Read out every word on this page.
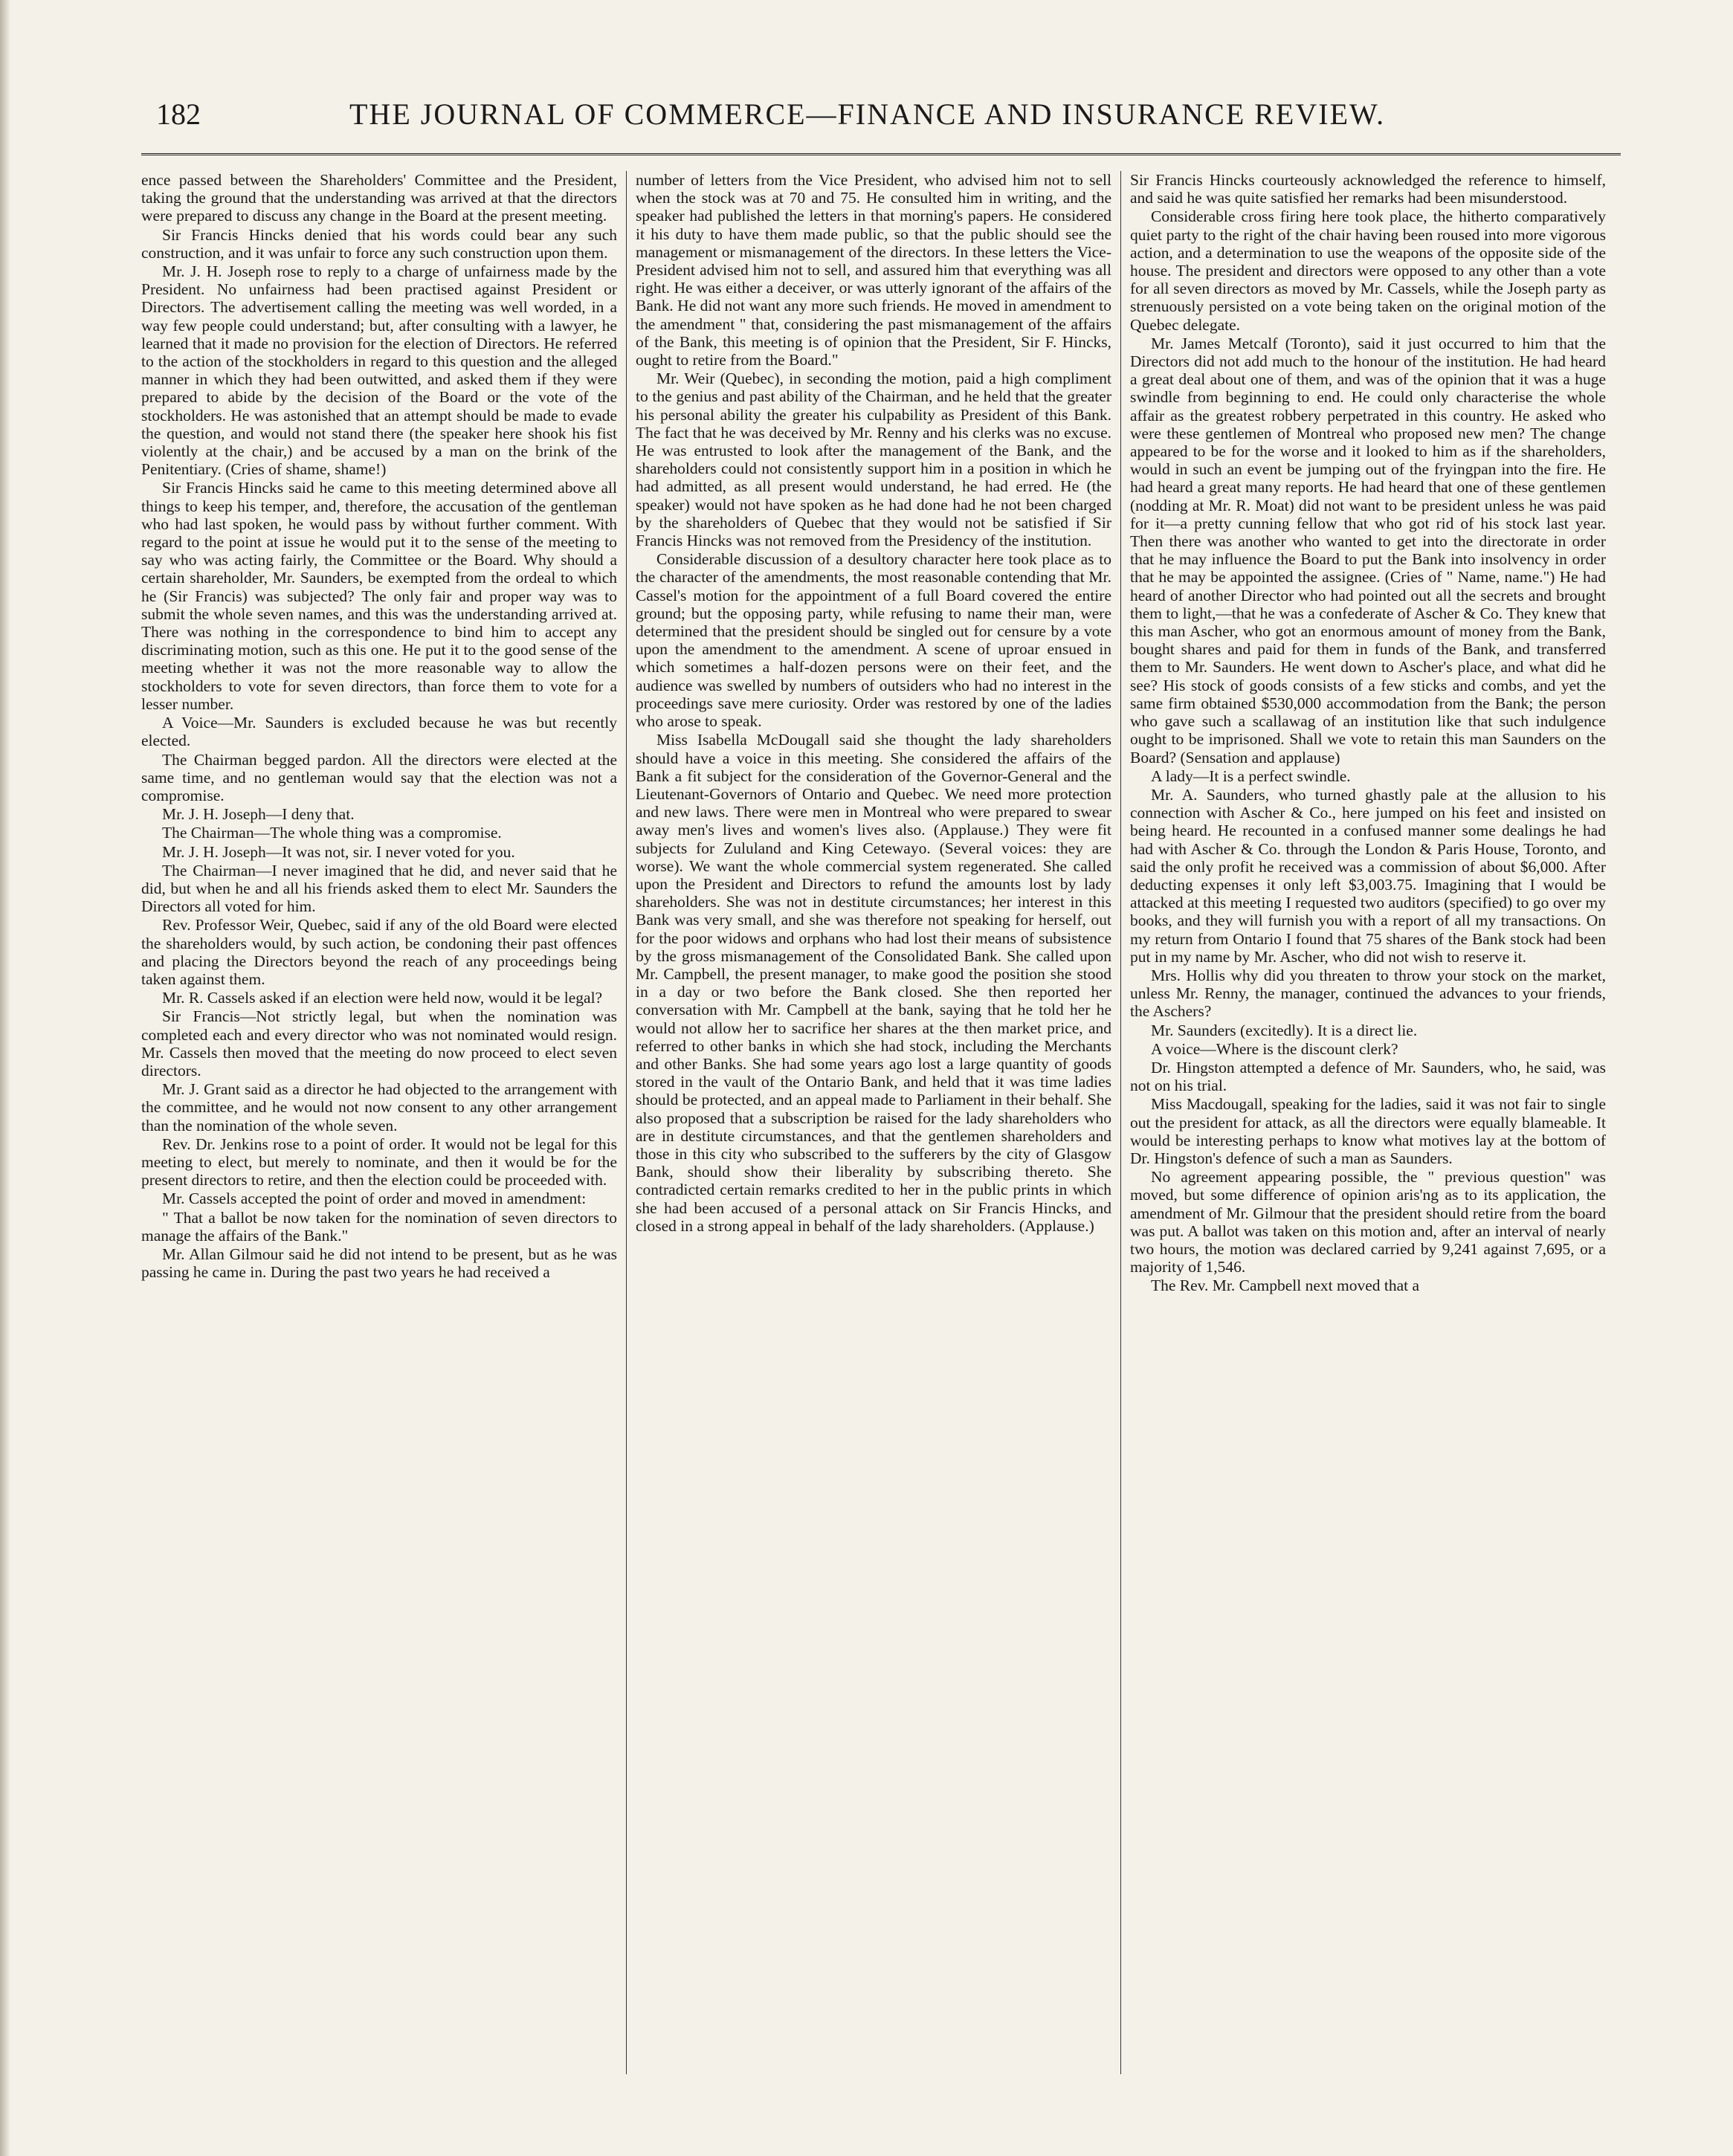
182	THE JOURNAL OF COMMERCE—FINANCE AND INSURANCE REVIEW.

ence passed between the Shareholders' Committee and the President, taking the ground that the understanding was arrived at that the directors were prepared to discuss any change in the Board at the present meeting.

Sir Francis Hincks denied that his words could bear any such construction, and it was unfair to force any such construction upon them.

Mr. J. H. Joseph rose to reply to a charge of unfairness made by the President. No unfairness had been practised against President or Directors. The advertisement calling the meeting was well worded, in a way few people could understand; but, after consulting with a lawyer, he learned that it made no provision for the election of Directors. He referred to the action of the stockholders in regard to this question and the alleged manner in which they had been outwitted, and asked them if they were prepared to abide by the decision of the Board or the vote of the stockholders. He was astonished that an attempt should be made to evade the question, and would not stand there (the speaker here shook his fist violently at the chair,) and be accused by a man on the brink of the Penitentiary. (Cries of shame, shame!)

Sir Francis Hincks said he came to this meeting determined above all things to keep his temper, and, therefore, the accusation of the gentleman who had last spoken, he would pass by without further comment. With regard to the point at issue he would put it to the sense of the meeting to say who was acting fairly, the Committee or the Board. Why should a certain shareholder, Mr. Saunders, be exempted from the ordeal to which he (Sir Francis) was subjected? The only fair and proper way was to submit the whole seven names, and this was the understanding arrived at. There was nothing in the correspondence to bind him to accept any discriminating motion, such as this one. He put it to the good sense of the meeting whether it was not the more reasonable way to allow the stockholders to vote for seven directors, than force them to vote for a lesser number.

A Voice—Mr. Saunders is excluded because he was but recently elected.

The Chairman begged pardon. All the directors were elected at the same time, and no gentleman would say that the election was not a compromise.

Mr. J. H. Joseph—I deny that.

The Chairman—The whole thing was a compromise.

Mr. J. H. Joseph—It was not, sir. I never voted for you.

The Chairman—I never imagined that he did, and never said that he did, but when he and all his friends asked them to elect Mr. Saunders the Directors all voted for him.

Rev. Professor Weir, Quebec, said if any of the old Board were elected the shareholders would, by such action, be condoning their past offences and placing the Directors beyond the reach of any proceedings being taken against them.

Mr. R. Cassels asked if an election were held now, would it be legal?

Sir Francis—Not strictly legal, but when the nomination was completed each and every director who was not nominated would resign. Mr. Cassels then moved that the meeting do now proceed to elect seven directors.

Mr. J. Grant said as a director he had objected to the arrangement with the committee, and he would not now consent to any other arrangement than the nomination of the whole seven.

Rev. Dr. Jenkins rose to a point of order. It would not be legal for this meeting to elect, but merely to nominate, and then it would be for the present directors to retire, and then the election could be proceeded with.

Mr. Cassels accepted the point of order and moved in amendment:

" That a ballot be now taken for the nomination of seven directors to manage the affairs of the Bank."

Mr. Allan Gilmour said he did not intend to be present, but as he was passing he came in. During the past two years he had received a

number of letters from the Vice President, who advised him not to sell when the stock was at 70 and 75. He consulted him in writing, and the speaker had published the letters in that morning's papers. He considered it his duty to have them made public, so that the public should see the management or mismanagement of the directors. In these letters the Vice-President advised him not to sell, and assured him that everything was all right. He was either a deceiver, or was utterly ignorant of the affairs of the Bank. He did not want any more such friends. He moved in amendment to the amendment " that, considering the past mismanagement of the affairs of the Bank, this meeting is of opinion that the President, Sir F. Hincks, ought to retire from the Board."

Mr. Weir (Quebec), in seconding the motion, paid a high compliment to the genius and past ability of the Chairman, and he held that the greater his personal ability the greater his culpability as President of this Bank. The fact that he was deceived by Mr. Renny and his clerks was no excuse. He was entrusted to look after the management of the Bank, and the shareholders could not consistently support him in a position in which he had admitted, as all present would understand, he had erred. He (the speaker) would not have spoken as he had done had he not been charged by the shareholders of Quebec that they would not be satisfied if Sir Francis Hincks was not removed from the Presidency of the institution.

Considerable discussion of a desultory character here took place as to the character of the amendments, the most reasonable contending that Mr. Cassel's motion for the appointment of a full Board covered the entire ground; but the opposing party, while refusing to name their man, were determined that the president should be singled out for censure by a vote upon the amendment to the amendment. A scene of uproar ensued in which sometimes a half-dozen persons were on their feet, and the audience was swelled by numbers of outsiders who had no interest in the proceedings save mere curiosity. Order was restored by one of the ladies who arose to speak.

Miss Isabella McDougall said she thought the lady shareholders should have a voice in this meeting. She considered the affairs of the Bank a fit subject for the consideration of the Governor-General and the Lieutenant-Governors of Ontario and Quebec. We need more protection and new laws. There were men in Montreal who were prepared to swear away men's lives and women's lives also. (Applause.) They were fit subjects for Zululand and King Cetewayo. (Several voices: they are worse). We want the whole commercial system regenerated. She called upon the President and Directors to refund the amounts lost by lady shareholders. She was not in destitute circumstances; her interest in this Bank was very small, and she was therefore not speaking for herself, out for the poor widows and orphans who had lost their means of subsistence by the gross mismanagement of the Consolidated Bank. She called upon Mr. Campbell, the present manager, to make good the position she stood in a day or two before the Bank closed. She then reported her conversation with Mr. Campbell at the bank, saying that he told her he would not allow her to sacrifice her shares at the then market price, and referred to other banks in which she had stock, including the Merchants and other Banks. She had some years ago lost a large quantity of goods stored in the vault of the Ontario Bank, and held that it was time ladies should be protected, and an appeal made to Parliament in their behalf. She also proposed that a subscription be raised for the lady shareholders who are in destitute circumstances, and that the gentlemen shareholders and those in this city who subscribed to the sufferers by the city of Glasgow Bank, should show their liberality by subscribing thereto. She contradicted certain remarks credited to her in the public prints in which she had been accused of a personal attack on Sir Francis Hincks, and closed in a strong appeal in behalf of the lady shareholders. (Applause.)

Sir Francis Hincks courteously acknowledged the reference to himself, and said he was quite satisfied her remarks had been misunderstood.

Considerable cross firing here took place, the hitherto comparatively quiet party to the right of the chair having been roused into more vigorous action, and a determination to use the weapons of the opposite side of the house. The president and directors were opposed to any other than a vote for all seven directors as moved by Mr. Cassels, while the Joseph party as strenuously persisted on a vote being taken on the original motion of the Quebec delegate.

Mr. James Metcalf (Toronto), said it just occurred to him that the Directors did not add much to the honour of the institution. He had heard a great deal about one of them, and was of the opinion that it was a huge swindle from beginning to end. He could only characterise the whole affair as the greatest robbery perpetrated in this country. He asked who were these gentlemen of Montreal who proposed new men? The change appeared to be for the worse and it looked to him as if the shareholders, would in such an event be jumping out of the fryingpan into the fire. He had heard a great many reports. He had heard that one of these gentlemen (nodding at Mr. R. Moat) did not want to be president unless he was paid for it—a pretty cunning fellow that who got rid of his stock last year. Then there was another who wanted to get into the directorate in order that he may influence the Board to put the Bank into insolvency in order that he may be appointed the assignee. (Cries of " Name, name.") He had heard of another Director who had pointed out all the secrets and brought them to light,—that he was a confederate of Ascher & Co. They knew that this man Ascher, who got an enormous amount of money from the Bank, bought shares and paid for them in funds of the Bank, and transferred them to Mr. Saunders. He went down to Ascher's place, and what did he see? His stock of goods consists of a few sticks and combs, and yet the same firm obtained $530,000 accommodation from the Bank; the person who gave such a scallawag of an institution like that such indulgence ought to be imprisoned. Shall we vote to retain this man Saunders on the Board? (Sensation and applause)

A lady—It is a perfect swindle.

Mr. A. Saunders, who turned ghastly pale at the allusion to his connection with Ascher & Co., here jumped on his feet and insisted on being heard. He recounted in a confused manner some dealings he had had with Ascher & Co. through the London & Paris House, Toronto, and said the only profit he received was a commission of about $6,000. After deducting expenses it only left $3,003.75. Imagining that I would be attacked at this meeting I requested two auditors (specified) to go over my books, and they will furnish you with a report of all my transactions. On my return from Ontario I found that 75 shares of the Bank stock had been put in my name by Mr. Ascher, who did not wish to reserve it.

Mrs. Hollis why did you threaten to throw your stock on the market, unless Mr. Renny, the manager, continued the advances to your friends, the Aschers?

Mr. Saunders (excitedly). It is a direct lie.

A voice—Where is the discount clerk?

Dr. Hingston attempted a defence of Mr. Saunders, who, he said, was not on his trial.

Miss Macdougall, speaking for the ladies, said it was not fair to single out the president for attack, as all the directors were equally blameable. It would be interesting perhaps to know what motives lay at the bottom of Dr. Hingston's defence of such a man as Saunders.

No agreement appearing possible, the " previous question" was moved, but some difference of opinion aris'ng as to its application, the amendment of Mr. Gilmour that the president should retire from the board was put. A ballot was taken on this motion and, after an interval of nearly two hours, the motion was declared carried by 9,241 against 7,695, or a majority of 1,546.

The Rev. Mr. Campbell next moved that a
